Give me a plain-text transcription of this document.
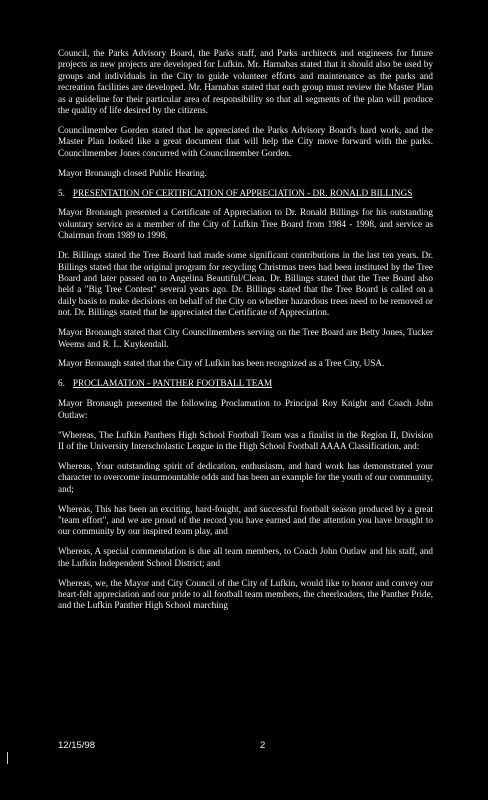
Council, the Parks Advisory Board, the Parks staff, and Parks architects and engineers for future projects as new projects are developed for Lufkin. Mr. Harnabas stated that it should also be used by groups and individuals in the City to guide volunteer efforts and maintenance as the parks and recreation facilities are developed. Mr. Harnabas stated that each group must review the Master Plan as a guideline for their particular area of responsibility so that all segments of the plan will produce the quality of life desired by the citizens.

Councilmember Gorden stated that he appreciated the Parks Advisory Board's hard work, and the Master Plan looked like a great document that will help the City move forward with the parks. Councilmember Jones concurred with Councilmember Gorden.

Mayor Bronaugh closed Public Hearing.

5. PRESENTATION OF CERTIFICATION OF APPRECIATION - DR. RONALD BILLINGS

Mayor Bronaugh presented a Certificate of Appreciation to Dr. Ronald Billings for his outstanding voluntary service as a member of the City of Lufkin Tree Board from 1984 - 1998, and service as Chairman from 1989 to 1998.

Dr. Billings stated the Tree Board had made some significant contributions in the last ten years. Dr. Billings stated that the original program for recycling Christmas trees had been instituted by the Tree Board and later passed on to Angelina Beautiful/Clean. Dr. Billings stated that the Tree Board also held a "Big Tree Contest" several years ago. Dr. Billings stated that the Tree Board is called on a daily basis to make decisions on behalf of the City on whether hazardous trees need to be removed or not. Dr. Billings stated that he appreciated the Certificate of Appreciation.

Mayor Bronaugh stated that City Councilmembers serving on the Tree Board are Betty Jones, Tucker Weems and R. L. Kuykendall.

Mayor Bronaugh stated that the City of Lufkin has been recognized as a Tree City, USA.

6. PROCLAMATION - PANTHER FOOTBALL TEAM

Mayor Bronaugh presented the following Proclamation to Principal Roy Knight and Coach John Outlaw:

"Whereas, The Lufkin Panthers High School Football Team was a finalist in the Region II, Division II of the University Interscholastic League in the High School Football AAAA Classification, and:

Whereas, Your outstanding spirit of dedication, enthusiasm, and hard work has demonstrated your character to overcome insurmountable odds and has been an example for the youth of our community, and;

Whereas, This has been an exciting, hard-fought, and successful football season produced by a great "team effort", and we are proud of the record you have earned and the attention you have brought to our community by our inspired team play, and

Whereas, A special commendation is due all team members, to Coach John Outlaw and his staff, and the Lufkin Independent School District; and

Whereas, we, the Mayor and City Council of the City of Lufkin, would like to honor and convey our heart-felt appreciation and our pride to all football team members, the cheerleaders, the Panther Pride, and the Lufkin Panther High School marching

12/15/98	2
